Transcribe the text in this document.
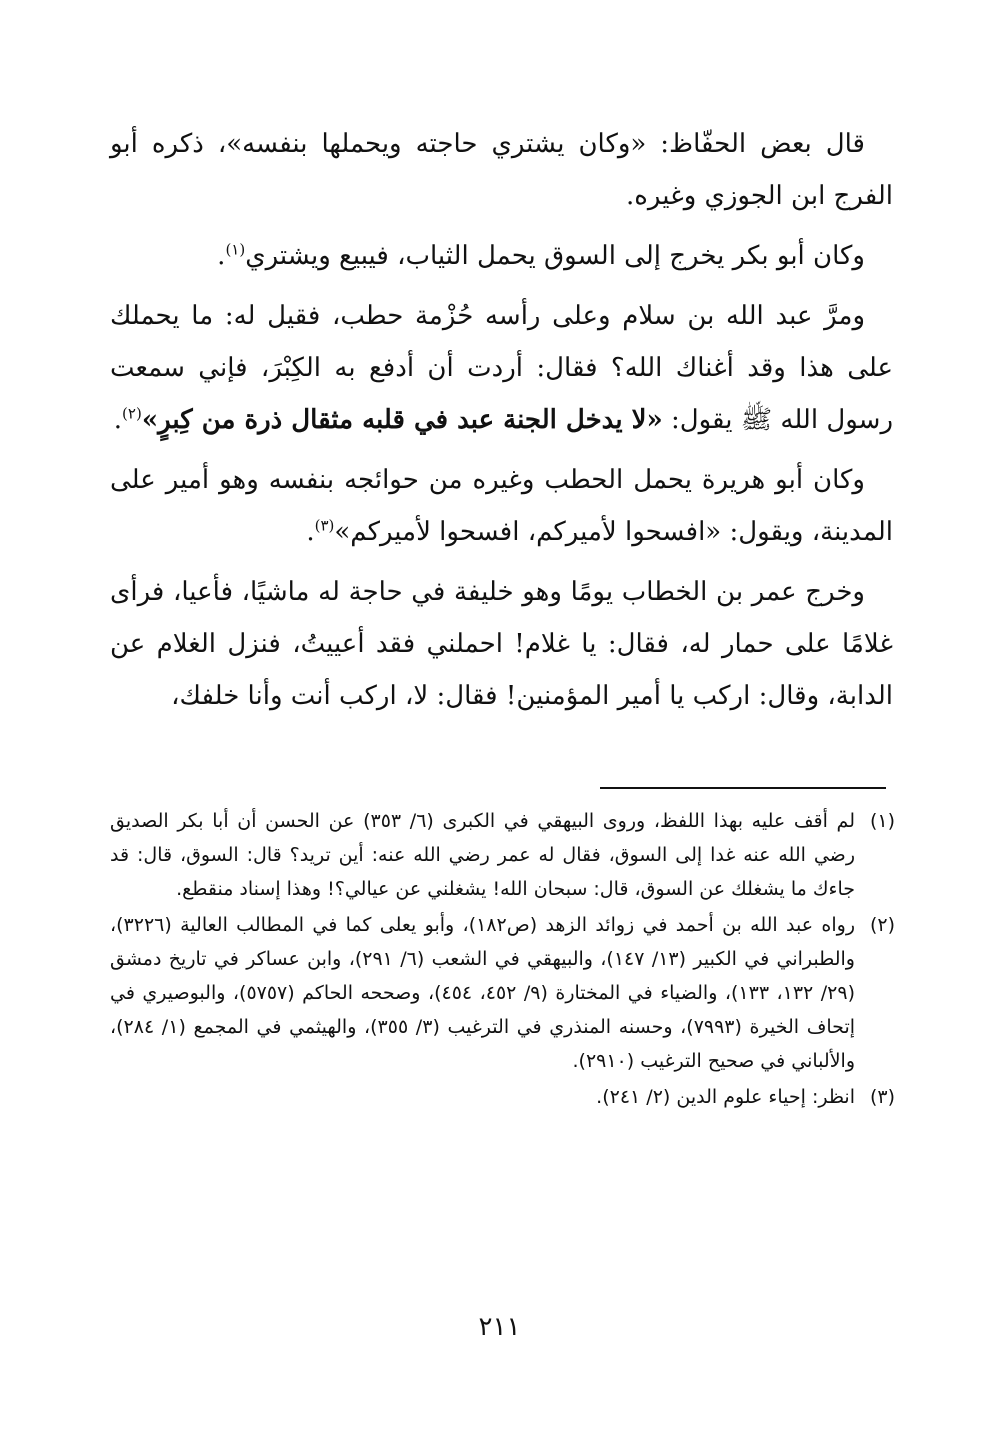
قال بعض الحفّاظ: «وكان يشتري حاجته ويحملها بنفسه»، ذكره أبو الفرج ابن الجوزي وغيره.

وكان أبو بكر يخرج إلى السوق يحمل الثياب، فيبيع ويشتري$^{(١)}$.

ومرَّ عبد الله بن سلام وعلى رأسه حُزْمة حطب، فقيل له: ما يحملك على هذا وقد أغناك الله؟ فقال: أردت أن أدفع به الكِبْرَ، فإني سمعت رسول الله ﷺ يقول: «لا يدخل الجنة عبد في قلبه مثقال ذرة من كِبرٍ»$^{(٢)}$.

وكان أبو هريرة يحمل الحطب وغيره من حوائجه بنفسه وهو أمير على المدينة، ويقول: «افسحوا لأميركم، افسحوا لأميركم»$^{(٣)}$.

وخرج عمر بن الخطاب يومًا وهو خليفة في حاجة له ماشيًا، فأعيا، فرأى غلامًا على حمار له، فقال: يا غلام! احملني فقد أعييتُ، فنزل الغلام عن الدابة، وقال: اركب يا أمير المؤمنين! فقال: لا، اركب أنت وأنا خلفك،

(١)
لم أقف عليه بهذا اللفظ، وروى البيهقي في الكبرى (٦/ ٣٥٣) عن الحسن أن أبا بكر الصديق رضي الله عنه غدا إلى السوق، فقال له عمر رضي الله عنه: أين تريد؟ قال: السوق، قال: قد جاءك ما يشغلك عن السوق، قال: سبحان الله! يشغلني عن عيالي؟! وهذا إسناد منقطع.
(٢)
رواه عبد الله بن أحمد في زوائد الزهد (ص١٨٢)، وأبو يعلى كما في المطالب العالية (٣٢٢٦)، والطبراني في الكبير (١٣/ ١٤٧)، والبيهقي في الشعب (٦/ ٢٩١)، وابن عساكر في تاريخ دمشق (٢٩/ ١٣٢، ١٣٣)، والضياء في المختارة (٩/ ٤٥٢، ٤٥٤)، وصححه الحاكم (٥٧٥٧)، والبوصيري في إتحاف الخيرة (٧٩٩٣)، وحسنه المنذري في الترغيب (٣/ ٣٥٥)، والهيثمي في المجمع (١/ ٢٨٤)، والألباني في صحيح الترغيب (٢٩١٠).
(٣)
انظر: إحياء علوم الدين (٢/ ٢٤١).
٢١١
